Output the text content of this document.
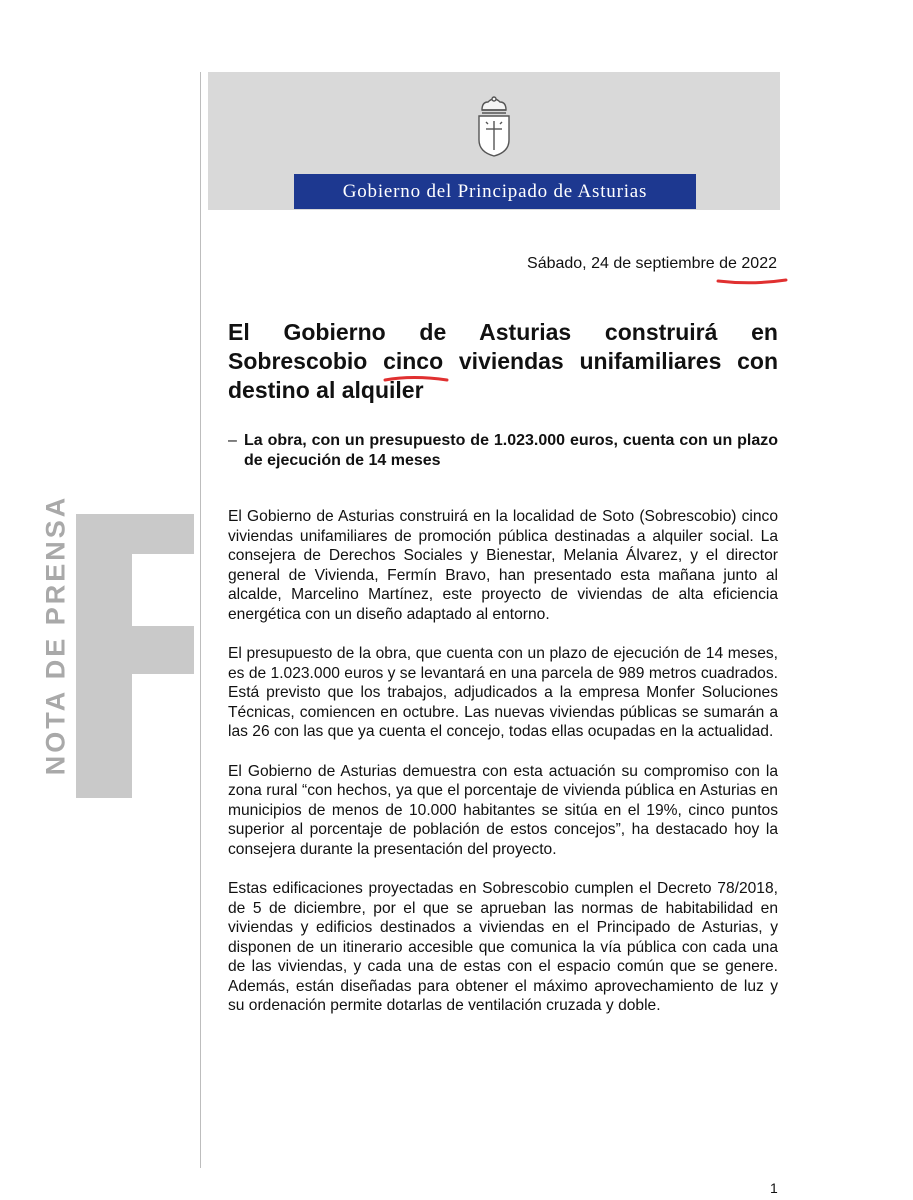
Gobierno del Principado de Asturias
NOTA DE PRENSA
Sábado, 24 de septiembre de 2022
El Gobierno de Asturias construirá en Sobrescobio cinco viviendas unifamiliares con destino al alquiler
– La obra, con un presupuesto de 1.023.000 euros, cuenta con un plazo de ejecución de 14 meses

El Gobierno de Asturias construirá en la localidad de Soto (Sobrescobio) cinco viviendas unifamiliares de promoción pública destinadas a alquiler social. La consejera de Derechos Sociales y Bienestar, Melania Álvarez, y el director general de Vivienda, Fermín Bravo, han presentado esta mañana junto al alcalde, Marcelino Martínez, este proyecto de viviendas de alta eficiencia energética con un diseño adaptado al entorno.

El presupuesto de la obra, que cuenta con un plazo de ejecución de 14 meses, es de 1.023.000 euros y se levantará en una parcela de 989 metros cuadrados. Está previsto que los trabajos, adjudicados a la empresa Monfer Soluciones Técnicas, comiencen en octubre. Las nuevas viviendas públicas se sumarán a las 26 con las que ya cuenta el concejo, todas ellas ocupadas en la actualidad.

El Gobierno de Asturias demuestra con esta actuación su compromiso con la zona rural “con hechos, ya que el porcentaje de vivienda pública en Asturias en municipios de menos de 10.000 habitantes se sitúa en el 19%, cinco puntos superior al porcentaje de población de estos concejos”, ha destacado hoy la consejera durante la presentación del proyecto.

Estas edificaciones proyectadas en Sobrescobio cumplen el Decreto 78/2018, de 5 de diciembre, por el que se aprueban las normas de habitabilidad en viviendas y edificios destinados a viviendas en el Principado de Asturias, y disponen de un itinerario accesible que comunica la vía pública con cada una de las viviendas, y cada una de estas con el espacio común que se genere. Además, están diseñadas para obtener el máximo aprovechamiento de luz y su ordenación permite dotarlas de ventilación cruzada y doble.

1
